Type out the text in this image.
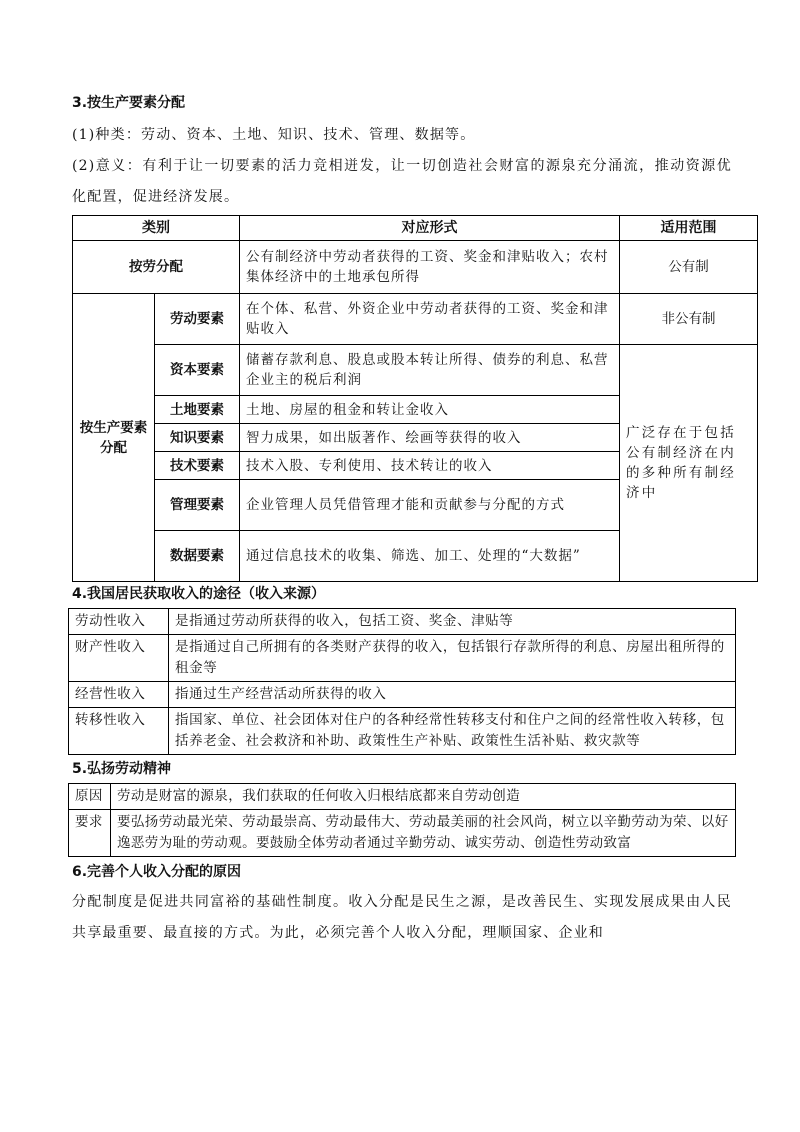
3.按生产要素分配

(1)种类：劳动、资本、土地、知识、技术、管理、数据等。

(2)意义：有利于让一切要素的活力竞相迸发，让一切创造社会财富的源泉充分涌流，推动资源优化配置，促进经济发展。

类别		对应形式	适用范围
按劳分配		公有制经济中劳动者获得的工资、奖金和津贴收入；农村集体经济中的土地承包所得	公有制
按生产要素分配	劳动要素	在个体、私营、外资企业中劳动者获得的工资、奖金和津贴收入	非公有制
	资本要素	储蓄存款利息、股息或股本转让所得、债券的利息、私营企业主的税后利润	广泛存在于包括公有制经济在内的多种所有制经济中
	土地要素	土地、房屋的租金和转让金收入	
	知识要素	智力成果，如出版著作、绘画等获得的收入	
	技术要素	技术入股、专利使用、技术转让的收入	
	管理要素	企业管理人员凭借管理才能和贡献参与分配的方式	
	数据要素	通过信息技术的收集、筛选、加工、处理的“大数据”	

4.我国居民获取收入的途径（收入来源）

劳动性收入	是指通过劳动所获得的收入，包括工资、奖金、津贴等
财产性收入	是指通过自己所拥有的各类财产获得的收入，包括银行存款所得的利息、房屋出租所得的租金等
经营性收入	指通过生产经营活动所获得的收入
转移性收入	指国家、单位、社会团体对住户的各种经常性转移支付和住户之间的经常性收入转移，包括养老金、社会救济和补助、政策性生产补贴、政策性生活补贴、救灾款等

5.弘扬劳动精神

原因	劳动是财富的源泉，我们获取的任何收入归根结底都来自劳动创造
要求	要弘扬劳动最光荣、劳动最崇高、劳动最伟大、劳动最美丽的社会风尚，树立以辛勤劳动为荣、以好逸恶劳为耻的劳动观。要鼓励全体劳动者通过辛勤劳动、诚实劳动、创造性劳动致富

6.完善个人收入分配的原因

分配制度是促进共同富裕的基础性制度。收入分配是民生之源，是改善民生、实现发展成果由人民共享最重要、最直接的方式。为此，必须完善个人收入分配，理顺国家、企业和
